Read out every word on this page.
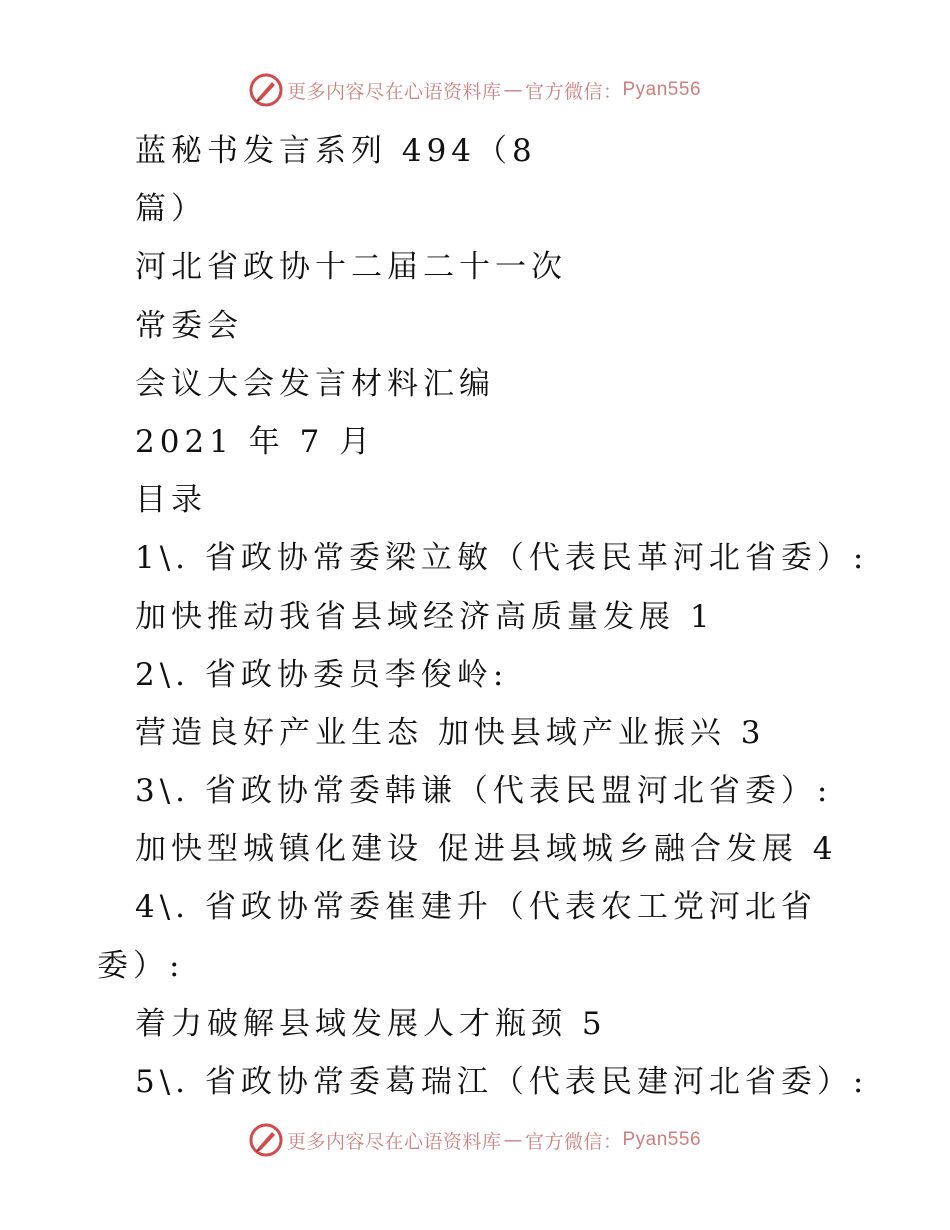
更多内容尽在心语资料库 — 官方微信： Pyan556
蓝秘书发言系列 494（8
篇）
河北省政协十二届二十一次
常委会
会议大会发言材料汇编
2021 年 7 月
目录
1\. 省政协常委梁立敏（代表民革河北省委）:
加快推动我省县域经济高质量发展 1
2\. 省政协委员李俊岭:
营造良好产业生态 加快县域产业振兴 3
3\. 省政协常委韩谦（代表民盟河北省委）:
加快型城镇化建设 促进县域城乡融合发展 4
4\. 省政协常委崔建升（代表农工党河北省
委）:
着力破解县域发展人才瓶颈 5
5\. 省政协常委葛瑞江（代表民建河北省委）:
更多内容尽在心语资料库 — 官方微信： Pyan556
